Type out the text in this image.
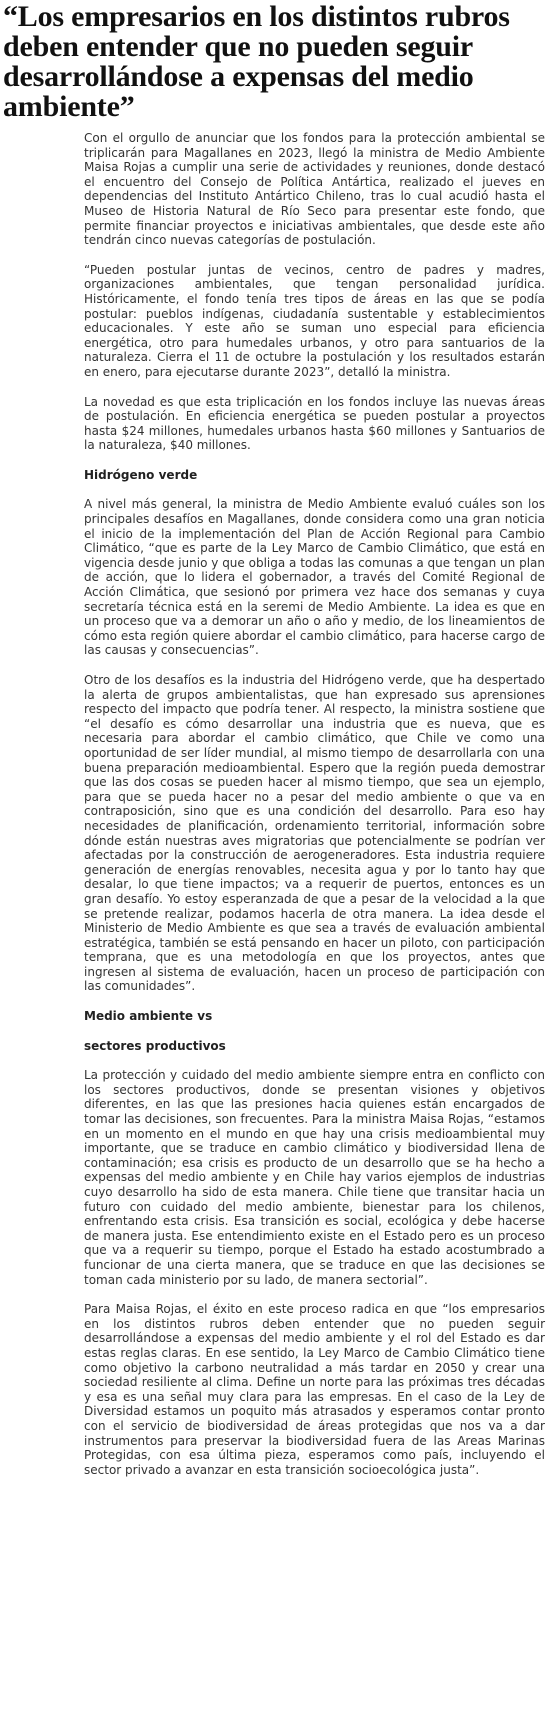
“Los empresarios en los distintos rubros deben entender que no pueden seguir desarrollándose a expensas del medio ambiente”

Con el orgullo de anunciar que los fondos para la protección ambiental se triplicarán para Magallanes en 2023, llegó la ministra de Medio Ambiente Maisa Rojas a cumplir una serie de actividades y reuniones, donde destacó el encuentro del Consejo de Política Antártica, realizado el jueves en dependencias del Instituto Antártico Chileno, tras lo cual acudió hasta el Museo de Historia Natural de Río Seco para presentar este fondo, que permite financiar proyectos e iniciativas ambientales, que desde este año tendrán cinco nuevas categorías de postulación.

“Pueden postular juntas de vecinos, centro de padres y madres, organizaciones ambientales, que tengan personalidad jurídica. Históricamente, el fondo tenía tres tipos de áreas en las que se podía postular: pueblos indígenas, ciudadanía sustentable y establecimientos educacionales. Y este año se suman uno especial para eficiencia energética, otro para humedales urbanos, y otro para santuarios de la naturaleza. Cierra el 11 de octubre la postulación y los resultados estarán en enero, para ejecutarse durante 2023”, detalló la ministra.

La novedad es que esta triplicación en los fondos incluye las nuevas áreas de postulación. En eficiencia energética se pueden postular a proyectos hasta $24 millones, humedales urbanos hasta $60 millones y Santuarios de la naturaleza, $40 millones.

Hidrógeno verde

A nivel más general, la ministra de Medio Ambiente evaluó cuáles son los principales desafíos en Magallanes, donde considera como una gran noticia el inicio de la implementación del Plan de Acción Regional para Cambio Climático, “que es parte de la Ley Marco de Cambio Climático, que está en vigencia desde junio y que obliga a todas las comunas a que tengan un plan de acción, que lo lidera el gobernador, a través del Comité Regional de Acción Climática, que sesionó por primera vez hace dos semanas y cuya secretaría técnica está en la seremi de Medio Ambiente. La idea es que en un proceso que va a demorar un año o año y medio, de los lineamientos de cómo esta región quiere abordar el cambio climático, para hacerse cargo de las causas y consecuencias”.

Otro de los desafíos es la industria del Hidrógeno verde, que ha despertado la alerta de grupos ambientalistas, que han expresado sus aprensiones respecto del impacto que podría tener. Al respecto, la ministra sostiene que “el desafío es cómo desarrollar una industria que es nueva, que es necesaria para abordar el cambio climático, que Chile ve como una oportunidad de ser líder mundial, al mismo tiempo de desarrollarla con una buena preparación medioambiental. Espero que la región pueda demostrar que las dos cosas se pueden hacer al mismo tiempo, que sea un ejemplo, para que se pueda hacer no a pesar del medio ambiente o que va en contraposición, sino que es una condición del desarrollo. Para eso hay necesidades de planificación, ordenamiento territorial, información sobre dónde están nuestras aves migratorias que potencialmente se podrían ver afectadas por la construcción de aerogeneradores. Esta industria requiere generación de energías renovables, necesita agua y por lo tanto hay que desalar, lo que tiene impactos; va a requerir de puertos, entonces es un gran desafío. Yo estoy esperanzada de que a pesar de la velocidad a la que se pretende realizar, podamos hacerla de otra manera. La idea desde el Ministerio de Medio Ambiente es que sea a través de evaluación ambiental estratégica, también se está pensando en hacer un piloto, con participación temprana, que es una metodología en que los proyectos, antes que ingresen al sistema de evaluación, hacen un proceso de participación con las comunidades”.

Medio ambiente vs
sectores productivos

La protección y cuidado del medio ambiente siempre entra en conflicto con los sectores productivos, donde se presentan visiones y objetivos diferentes, en las que las presiones hacia quienes están encargados de tomar las decisiones, son frecuentes. Para la ministra Maisa Rojas, “estamos en un momento en el mundo en que hay una crisis medioambiental muy importante, que se traduce en cambio climático y biodiversidad llena de contaminación; esa crisis es producto de un desarrollo que se ha hecho a expensas del medio ambiente y en Chile hay varios ejemplos de industrias cuyo desarrollo ha sido de esta manera. Chile tiene que transitar hacia un futuro con cuidado del medio ambiente, bienestar para los chilenos, enfrentando esta crisis. Esa transición es social, ecológica y debe hacerse de manera justa. Ese entendimiento existe en el Estado pero es un proceso que va a requerir su tiempo, porque el Estado ha estado acostumbrado a funcionar de una cierta manera, que se traduce en que las decisiones se toman cada ministerio por su lado, de manera sectorial”.

Para Maisa Rojas, el éxito en este proceso radica en que “los empresarios en los distintos rubros deben entender que no pueden seguir desarrollándose a expensas del medio ambiente y el rol del Estado es dar estas reglas claras. En ese sentido, la Ley Marco de Cambio Climático tiene como objetivo la carbono neutralidad a más tardar en 2050 y crear una sociedad resiliente al clima. Define un norte para las próximas tres décadas y esa es una señal muy clara para las empresas. En el caso de la Ley de Diversidad estamos un poquito más atrasados y esperamos contar pronto con el servicio de biodiversidad de áreas protegidas que nos va a dar instrumentos para preservar la biodiversidad fuera de las Areas Marinas Protegidas, con esa última pieza, esperamos como país, incluyendo el sector privado a avanzar en esta transición socioecológica justa”.
